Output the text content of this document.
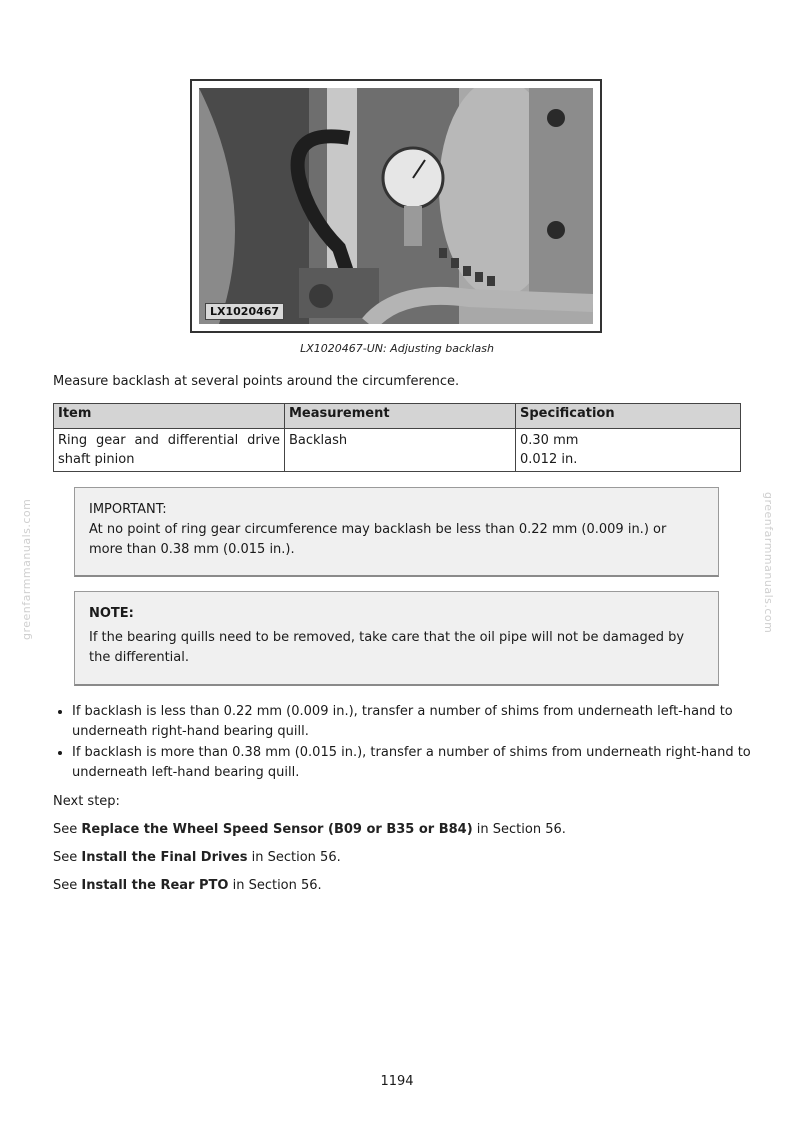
LX1020467
LX1020467-UN: Adjusting backlash
Measure backlash at several points around the circumference.
Item	Measurement	Specification
Ring gear and differential drive shaft pinion	Backlash	0.30 mm
0.012 in.
IMPORTANT:
At no point of ring gear circumference may backlash be less than 0.22 mm (0.009 in.) or more than 0.38 mm (0.015 in.).
NOTE:
If the bearing quills need to be removed, take care that the oil pipe will not be damaged by the differential.
• If backlash is less than 0.22 mm (0.009 in.), transfer a number of shims from underneath left-hand to underneath right-hand bearing quill.
• If backlash is more than 0.38 mm (0.015 in.), transfer a number of shims from underneath right-hand to underneath left-hand bearing quill.
Next step:
See Replace the Wheel Speed Sensor (B09 or B35 or B84) in Section 56.
See Install the Final Drives in Section 56.
See Install the Rear PTO in Section 56.
greenfarmmanuals.com	greenfarmmanuals.com
1194
